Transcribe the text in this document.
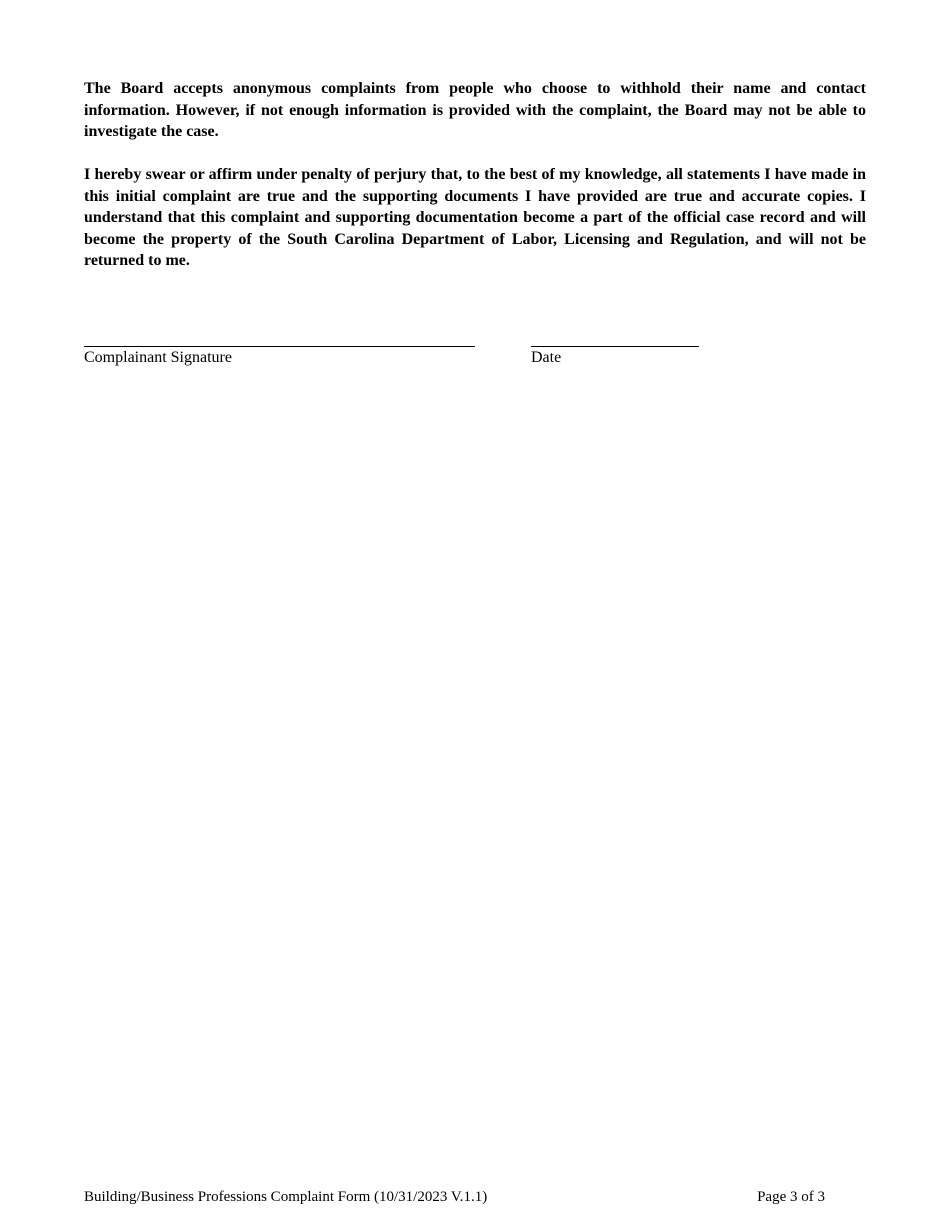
The Board accepts anonymous complaints from people who choose to withhold their name and contact information. However, if not enough information is provided with the complaint, the Board may not be able to investigate the case.

I hereby swear or affirm under penalty of perjury that, to the best of my knowledge, all statements I have made in this initial complaint are true and the supporting documents I have provided are true and accurate copies. I understand that this complaint and supporting documentation become a part of the official case record and will become the property of the South Carolina Department of Labor, Licensing and Regulation, and will not be returned to me.

Complainant Signature	Date
Building/Business Professions Complaint Form (10/31/2023 V.1.1)	Page 3 of 3
